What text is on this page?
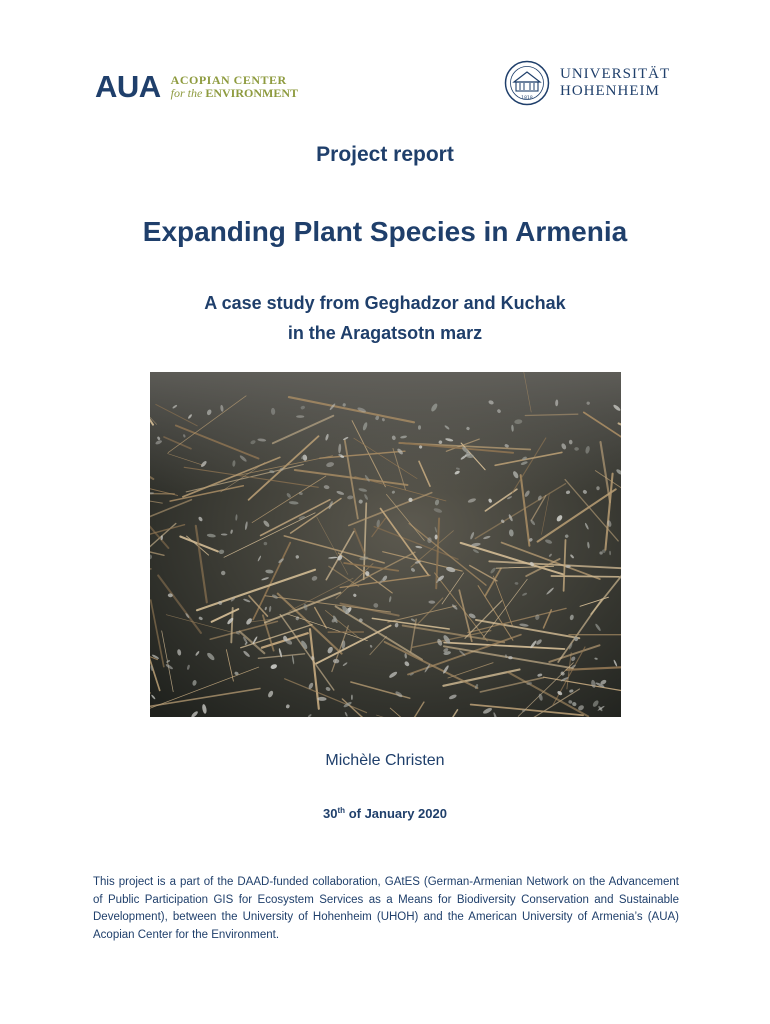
AUA ACOPIAN CENTER
for the ENVIRONMENT	1818
UNIVERSITÄT
HOHENHEIM
Project report
Expanding Plant Species in Armenia

A case study from Geghadzor and Kuchak
in the Aragatsotn marz

Michèle Christen
30th of January 2020

This project is a part of the DAAD-funded collaboration, GAtES (German-Armenian Network on the Advancement of Public Participation GIS for Ecosystem Services as a Means for Biodiversity Conservation and Sustainable Development), between the University of Hohenheim (UHOH) and the American University of Armenia’s (AUA) Acopian Center for the Environment.
